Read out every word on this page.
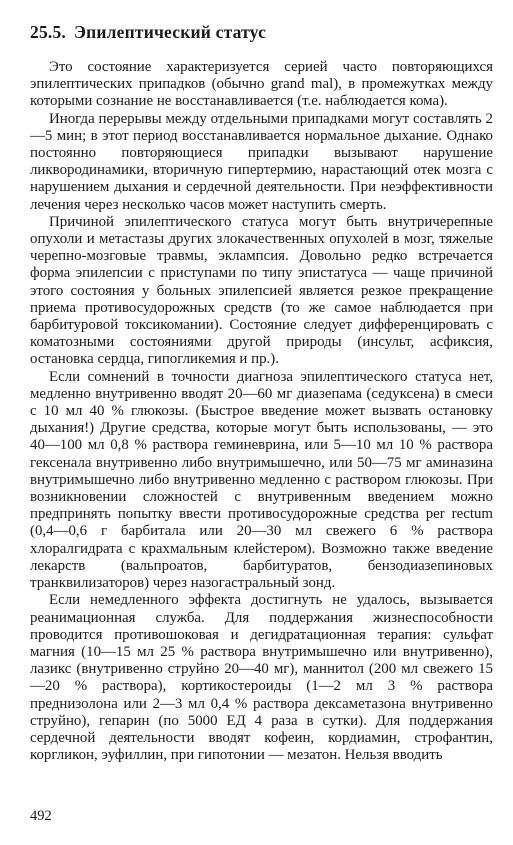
25.5. Эпилептический статус

Это состояние характеризуется серией часто повторяющихся эпилептических припадков (обычно grand mal), в промежутках между которыми сознание не восстанавливается (т.е. наблюдается кома).

Иногда перерывы между отдельными припадками могут составлять 2—5 мин; в этот период восстанавливается нормальное дыхание. Однако постоянно повторяющиеся припадки вызывают нарушение ликвородинамики, вторичную гипертермию, нарастающий отек мозга с нарушением дыхания и сердечной деятельности. При неэффективности лечения через несколько часов может наступить смерть.

Причиной эпилептического статуса могут быть внутричерепные опухоли и метастазы других злокачественных опухолей в мозг, тяжелые черепно-мозговые травмы, эклампсия. Довольно редко встречается форма эпилепсии с приступами по типу эпистатуса — чаще причиной этого состояния у больных эпилепсией является резкое прекращение приема противосудорожных средств (то же самое наблюдается при барбитуровой токсикомании). Состояние следует дифференцировать с коматозными состояниями другой природы (инсульт, асфиксия, остановка сердца, гипогликемия и пр.).

Если сомнений в точности диагноза эпилептического статуса нет, медленно внутривенно вводят 20—60 мг диазепама (седуксена) в смеси с 10 мл 40 % глюкозы. (Быстрое введение может вызвать остановку дыхания!) Другие средства, которые могут быть использованы, — это 40—100 мл 0,8 % раствора геминеврина, или 5—10 мл 10 % раствора гексенала внутривенно либо внутримышечно, или 50—75 мг аминазина внутримышечно либо внутривенно медленно с раствором глюкозы. При возникновении сложностей с внутривенным введением можно предпринять попытку ввести противосудорожные средства per rectum (0,4—0,6 г барбитала или 20—30 мл свежего 6 % раствора хлоралгидрата с крахмальным клейстером). Возможно также введение лекарств (вальпроатов, барбитуратов, бензодиазепиновых транквилизаторов) через назогастральный зонд.

Если немедленного эффекта достигнуть не удалось, вызывается реанимационная служба. Для поддержания жизнеспособности проводится противошоковая и дегидратационная терапия: сульфат магния (10—15 мл 25 % раствора внутримышечно или внутривенно), лазикс (внутривенно струйно 20—40 мг), маннитол (200 мл свежего 15—20 % раствора), кортикостероиды (1—2 мл 3 % раствора преднизолона или 2—3 мл 0,4 % раствора дексаметазона внутривенно струйно), гепарин (по 5000 ЕД 4 раза в сутки). Для поддержания сердечной деятельности вводят кофеин, кордиамин, строфантин, коргликон, эуфиллин, при гипотонии — мезатон. Нельзя вводить

492
